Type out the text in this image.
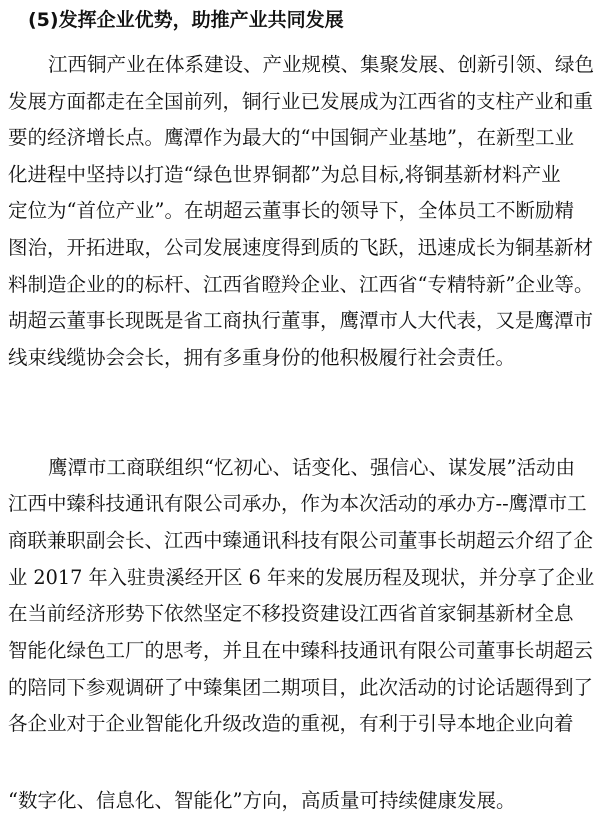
(5)发挥企业优势，助推产业共同发展
江西铜产业在体系建设、产业规模、集聚发展、创新引领、绿色
发展方面都走在全国前列，铜行业已发展成为江西省的支柱产业和重
要的经济增长点。鹰潭作为最大的“中国铜产业基地”，在新型工业
化进程中坚持以打造“绿色世界铜都”为总目标,将铜基新材料产业
定位为“首位产业”。在胡超云董事长的领导下，全体员工不断励精
图治，开拓进取，公司发展速度得到质的飞跃，迅速成长为铜基新材
料制造企业的的标杆、江西省瞪羚企业、江西省“专精特新”企业等。
胡超云董事长现既是省工商执行董事，鹰潭市人大代表，又是鹰潭市
线束线缆协会会长，拥有多重身份的他积极履行社会责任。
鹰潭市工商联组织“忆初心、话变化、强信心、谋发展”活动由
江西中臻科技通讯有限公司承办，作为本次活动的承办方--鹰潭市工
商联兼职副会长、江西中臻通讯科技有限公司董事长胡超云介绍了企
业 2017 年入驻贵溪经开区 6 年来的发展历程及现状，并分享了企业
在当前经济形势下依然坚定不移投资建设江西省首家铜基新材全息
智能化绿色工厂的思考，并且在中臻科技通讯有限公司董事长胡超云
的陪同下参观调研了中臻集团二期项目，此次活动的讨论话题得到了
各企业对于企业智能化升级改造的重视，有利于引导本地企业向着
“数字化、信息化、智能化”方向，高质量可持续健康发展。
